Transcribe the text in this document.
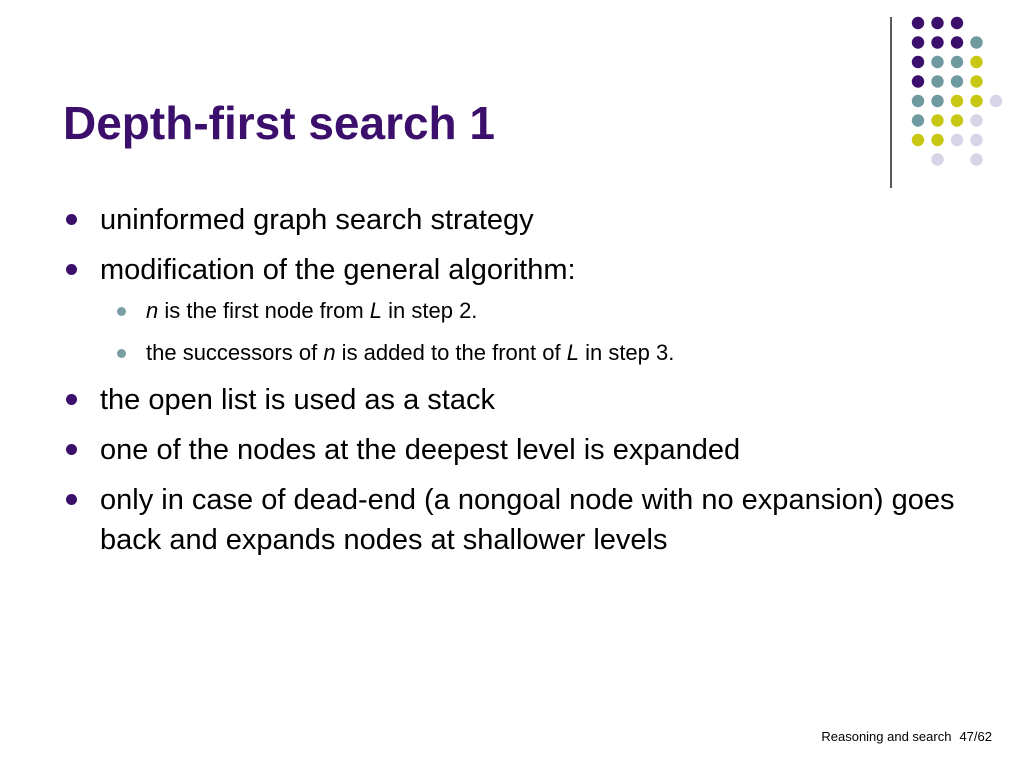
Depth-first search 1
uninformed graph search strategy
modification of the general algorithm:
n is the first node from L in step 2.
the successors of n is added to the front of L in step 3.
the open list is used as a stack
one of the nodes at the deepest level is expanded
only in case of dead-end (a nongoal node with no expansion) goes back and expands nodes at shallower levels
Reasoning and search 47/62
